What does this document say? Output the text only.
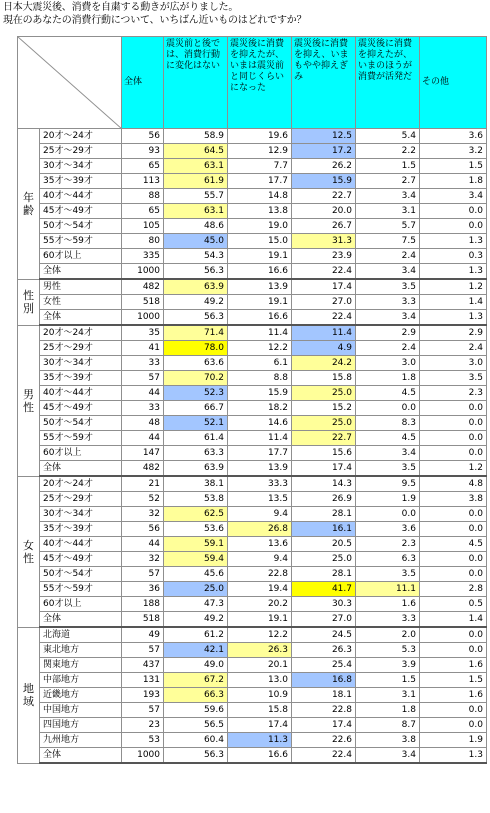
日本大震災後、消費を自粛する動きが広がりました。
現在のあなたの消費行動について、いちばん近いものはどれですか？
	全体	震災前と後では、消費行動に変化はない	震災後に消費を抑えたが、いまは震災前と同じくらいになった	震災後に消費を抑え、いまもやや抑えぎみ	震災後に消費を抑えたが、いまのほうが消費が活発だ	その他
年
齢	20才～24才	56	58.9	19.6	12.5	5.4	3.6
	25才～29才	93	64.5	12.9	17.2	2.2	3.2
	30才～34才	65	63.1	7.7	26.2	1.5	1.5
	35才～39才	113	61.9	17.7	15.9	2.7	1.8
	40才～44才	88	55.7	14.8	22.7	3.4	3.4
	45才～49才	65	63.1	13.8	20.0	3.1	0.0
	50才～54才	105	48.6	19.0	26.7	5.7	0.0
	55才～59才	80	45.0	15.0	31.3	7.5	1.3
	60才以上	335	54.3	19.1	23.9	2.4	0.3
	全体	1000	56.3	16.6	22.4	3.4	1.3
性
別	男性	482	63.9	13.9	17.4	3.5	1.2
	女性	518	49.2	19.1	27.0	3.3	1.4
	全体	1000	56.3	16.6	22.4	3.4	1.3
男
性	20才～24才	35	71.4	11.4	11.4	2.9	2.9
	25才～29才	41	78.0	12.2	4.9	2.4	2.4
	30才～34才	33	63.6	6.1	24.2	3.0	3.0
	35才～39才	57	70.2	8.8	15.8	1.8	3.5
	40才～44才	44	52.3	15.9	25.0	4.5	2.3
	45才～49才	33	66.7	18.2	15.2	0.0	0.0
	50才～54才	48	52.1	14.6	25.0	8.3	0.0
	55才～59才	44	61.4	11.4	22.7	4.5	0.0
	60才以上	147	63.3	17.7	15.6	3.4	0.0
	全体	482	63.9	13.9	17.4	3.5	1.2
女
性	20才～24才	21	38.1	33.3	14.3	9.5	4.8
	25才～29才	52	53.8	13.5	26.9	1.9	3.8
	30才～34才	32	62.5	9.4	28.1	0.0	0.0
	35才～39才	56	53.6	26.8	16.1	3.6	0.0
	40才～44才	44	59.1	13.6	20.5	2.3	4.5
	45才～49才	32	59.4	9.4	25.0	6.3	0.0
	50才～54才	57	45.6	22.8	28.1	3.5	0.0
	55才～59才	36	25.0	19.4	41.7	11.1	2.8
	60才以上	188	47.3	20.2	30.3	1.6	0.5
	全体	518	49.2	19.1	27.0	3.3	1.4
地
域	北海道	49	61.2	12.2	24.5	2.0	0.0
	東北地方	57	42.1	26.3	26.3	5.3	0.0
	関東地方	437	49.0	20.1	25.4	3.9	1.6
	中部地方	131	67.2	13.0	16.8	1.5	1.5
	近畿地方	193	66.3	10.9	18.1	3.1	1.6
	中国地方	57	59.6	15.8	22.8	1.8	0.0
	四国地方	23	56.5	17.4	17.4	8.7	0.0
	九州地方	53	60.4	11.3	22.6	3.8	1.9
	全体	1000	56.3	16.6	22.4	3.4	1.3
